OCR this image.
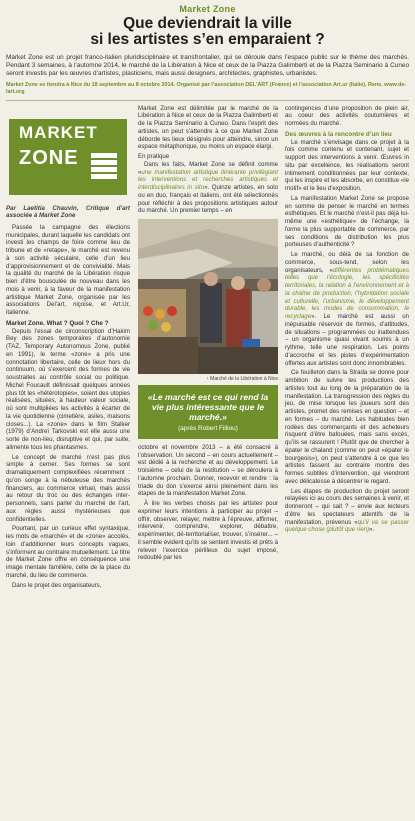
Market Zone
Que deviendrait la ville
si les artistes s’en emparaient ?
Market Zone est un projet franco-italien pluridisciplinaire et transfrontalier, qui se déroule dans l’espace public sur le thème des marchés. Pendant 3 semaines, à l’automne 2014, le marché de la Libération à Nice et ceux de la Piazza Galimberti et de la Piazza Seminario à Cuneo seront investis par les œuvres d’artistes, plasticiens, mais aussi designers, architectes, graphistes, urbanistes.
Market Zone se tiendra à Nice du 18 septembre au 8 octobre 2014. Organisé par l’association DEL’ART (France) et l’association Art.ur (Italie). Rens. www.de-lart.org
MARKET
ZONE
Par Laetitia Chauvin, Critique d’art associée à Market Zone

Passée la campagne des élections municipales, durant laquelle les candidats ont investi les champs de foire comme lieu de tribune et de «retape», le marché est revenu à son activité séculaire, celle d’un lieu d’approvisionnement et de convivialité. Mais la qualité du marché de la Libération risque bien d’être bousculée de nouveau dans les mois à venir, à la faveur de la manifestation artistique Market Zone, organisée par les associations Del’art, niçoise, et Art.Ur, italienne.

Market Zone. What ? Quoi ? Che ?

Depuis l’essai de circonscription d’Hakim Bey des zones temporaires d’autonomie (TAZ, Temporary Autonomous Zone, publié en 1991), le terme «zone» a pris une connotation libertaire, celle de lieux hors du continuum, où s’exercent des formes de vie soustraites au contrôle social ou politique. Michel Foucault définissait quelques années plus tôt les «hétérotopies», soient des utopies réalisées, situées, à hauteur valeur sociale, où sont multipliées les activités à écarter de la vie quotidienne (cimetière, asiles, maisons closes...). La «zone» dans le film Stalker (1979) d’Andreï Tarkovski est elle aussi une sorte de non-lieu, disruptive et qui, par suite, alimente tous les phantasmes.

Le concept de marché n’est pas plus simple à cerner. Ses formes se sont dramatiquement complexifiées récemment : qu’on songe à la nébuleuse des marchés financiers, au commerce virtuel, mais aussi au retour du troc ou des échanges inter-personnels, sans parler du marché de l’art, aux règles aussi mystérieuses que confidentielles.

Pourtant, par un curieux effet syntaxique, les mots de «marché» et de «zone» accolés, loin d’additionner leurs concepts vagues, s’informent au contraire mutuellement. Le titre de Market Zone offre en conséquence une image mentale familière, celle de la place du marché, du lieu de commerce.

Dans le projet des organisateurs,

Market Zone est délimitée par le marché de la Libération à Nice et ceux de la Piazza Galimberti et de la Piazza Seminario à Cuneo. Dans l’esprit des artistes, on peut s’attendre à ce que Market Zone déborde les lieux désignés pour atteindre, sinon un espace métaphorique, ou moins un espace élargi.

En pratique

Dans les faits, Market Zone se définit comme «une manifestation artistique itinérante privilégiant les interventions et recherches artistiques et interdisciplinaires in situ». Quinze artistes, en solo ou en duo, français et italiens, ont été sélectionnés pour réfléchir à des propositions artistiques autour du marché. Un premier temps – en

↑ Marché de la Libération à Nice
«Le marché est ce qui rend la vie plus intéressante que le marché.»
(après Robert Filliou)

octobre et novembre 2013 – a été consacré à l’observation. Un second – en cours actuellement – est dédié à la recherche et au développement. Le troisième – celui de la restitution – se déroulera à l’automne prochain. Donner, recevoir et rendre : la triade du don s’exerce ainsi pleinement dans les étapes de la manifestation Market Zone.

À lire les verbes choisis par les artistes pour exprimer leurs intentions à participer au projet – offrir, observer, relayer, mettre à l’épreuve, affirmer, intervenir, comprendre, explorer, débattre, expérimenter, dé-territorialiser, trouver, s’insérer... – il semble évident qu’ils se sentent investis et prêts à relever l’exercice périlleux du sujet imposé, redoublé par les

contingences d’une proposition de plein air, au coeur des activités coutumières et normées du marché.

Des œuvres à la rencontre d’un lieu

Le marché s’envisage dans ce projet à la fois comme contenu et contenant, sujet et support des interventions à venir. Œuvres in situ par excellence, les réalisations seront intimement conditionnées par leur contexte, qui les inspire et les absorbe, en constitue «le motif» et le lieu d’exposition.

La manifestation Market Zone se propose en somme de penser le marché en termes esthétiques. Et le marché n’est-il pas déjà lui-même une «esthétique» de l’échange, la forme la plus supportable de commerce, par ses conditions de distribution les plus porteuses d’authenticité ?

Le marché, ou déià de sa fonction de commerce, sous-tend, selon les organisateurs, «différentes problématiques telles que l’écologie, les spécificités territoriales, la relation à l’environnement et à la chaîne de production, l’hybridation sociale et culturelle, l’urbanisme, le développement durable, les modes de consommation, le recyclage». Le marché est aussi un inépuisable réservoir de formes, d’attitudes, de situations – programmées ou inattendues – un organisme quasi vivant soumis à un rythme, telle une respiration. Les points d’accroche et les pistes d’expérimentation offertes aux artistes sont donc innombrables.

Ce feuilleton dans la Strada se donne pour ambition de suivre les productions des artistes tout au long de la préparation de la manifestation. La transgression des règles du jeu, de mise lorsque les joueurs sont des artistes, promet des remises en question – et en formes – du marché. Les habitudes bien rodées des commerçants et des acheteurs risquent d’être bafouées, mais sans excès, qu’ils se rassurent ! Plutôt que de chercher à épater le chaland (comme on peut «épater le bourgeois»), on peut s’attendre à ce que les artistes fassent au contraire montre des formes subtiles d’intervention, qui viendront avec délicatesse à décentrer le regard.

Les étapes de production du projet seront relayées ici au cours des semaines à venir, et donneront – qui sait ? – envie aux lecteurs d’être les spectateurs attentifs de la manifestation, prévenus «qu’il va se passer quelque chose (plutôt que rien)».
